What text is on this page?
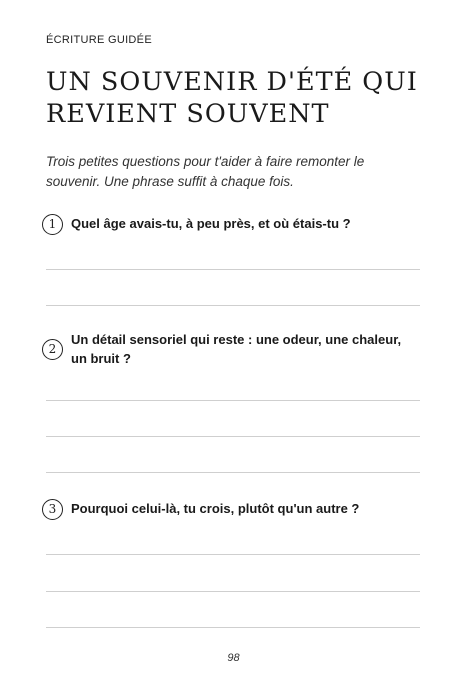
ÉCRITURE GUIDÉE
UN SOUVENIR D'ÉTÉ QUI REVIENT SOUVENT

Trois petites questions pour t'aider à faire remonter le souvenir. Une phrase suffit à chaque fois.

1	Quel âge avais-tu, à peu près, et où étais-tu ?
2
Un détail sensoriel qui reste : une odeur, une chaleur, un bruit ?
3	Pourquoi celui-là, tu crois, plutôt qu'un autre ?
98
